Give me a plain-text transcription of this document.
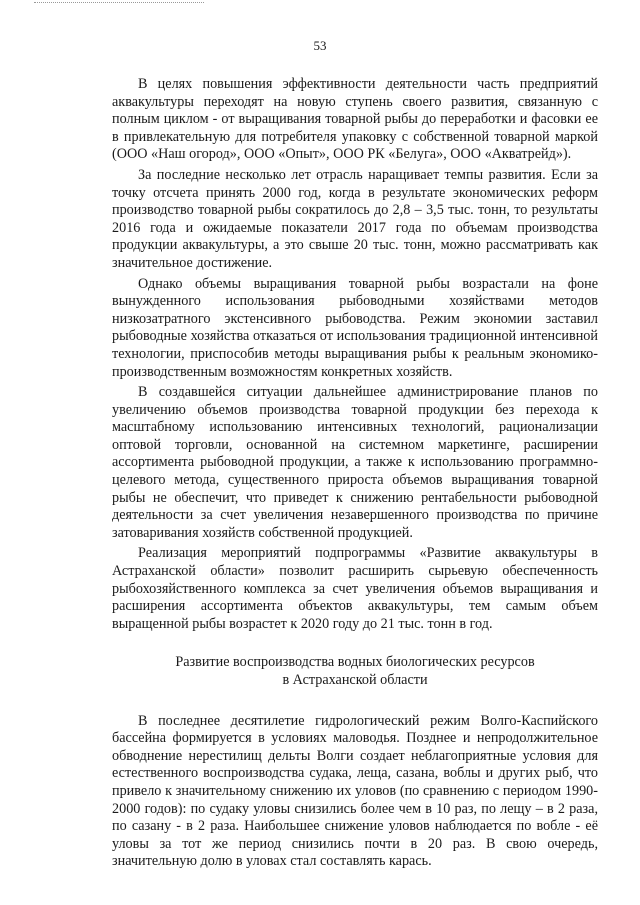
53

В целях повышения эффективности деятельности часть предприятий аквакультуры переходят на новую ступень своего развития, связанную с полным циклом - от выращивания товарной рыбы до переработки и фасовки ее в привлекательную для потребителя упаковку с собственной товарной маркой (ООО «Наш огород», ООО «Опыт», ООО РК «Белуга», ООО «Акватрейд»).

За последние несколько лет отрасль наращивает темпы развития. Если за точку отсчета принять 2000 год, когда в результате экономических реформ производство товарной рыбы сократилось до 2,8 – 3,5 тыс. тонн, то результаты 2016 года и ожидаемые показатели 2017 года по объемам производства продукции аквакультуры, а это свыше 20 тыс. тонн, можно рассматривать как значительное достижение.

Однако объемы выращивания товарной рыбы возрастали на фоне вынужденного использования рыбоводными хозяйствами методов низкозатратного экстенсивного рыбоводства. Режим экономии заставил рыбоводные хозяйства отказаться от использования традиционной интенсивной технологии, приспособив методы выращивания рыбы к реальным экономико-производственным возможностям конкретных хозяйств.

В создавшейся ситуации дальнейшее администрирование планов по увеличению объемов производства товарной продукции без перехода к масштабному использованию интенсивных технологий, рационализации оптовой торговли, основанной на системном маркетинге, расширении ассортимента рыбоводной продукции, а также к использованию программно-целевого метода, существенного прироста объемов выращивания товарной рыбы не обеспечит, что приведет к снижению рентабельности рыбоводной деятельности за счет увеличения незавершенного производства по причине затоваривания хозяйств собственной продукцией.

Реализация мероприятий подпрограммы «Развитие аквакультуры в Астраханской области» позволит расширить сырьевую обеспеченность рыбохозяйственного комплекса за счет увеличения объемов выращивания и расширения ассортимента объектов аквакультуры, тем самым объем выращенной рыбы возрастет к 2020 году до 21 тыс. тонн в год.

Развитие воспроизводства водных биологических ресурсов
в Астраханской области

В последнее десятилетие гидрологический режим Волго-Каспийского бассейна формируется в условиях маловодья. Позднее и непродолжительное обводнение нерестилищ дельты Волги создает неблагоприятные условия для естественного воспроизводства судака, леща, сазана, воблы и других рыб, что привело к значительному снижению их уловов (по сравнению с периодом 1990-2000 годов): по судаку уловы снизились более чем в 10 раз, по лещу – в 2 раза, по сазану - в 2 раза. Наибольшее снижение уловов наблюдается по вобле - её уловы за тот же период снизились почти в 20 раз. В свою очередь, значительную долю в уловах стал составлять карась.
